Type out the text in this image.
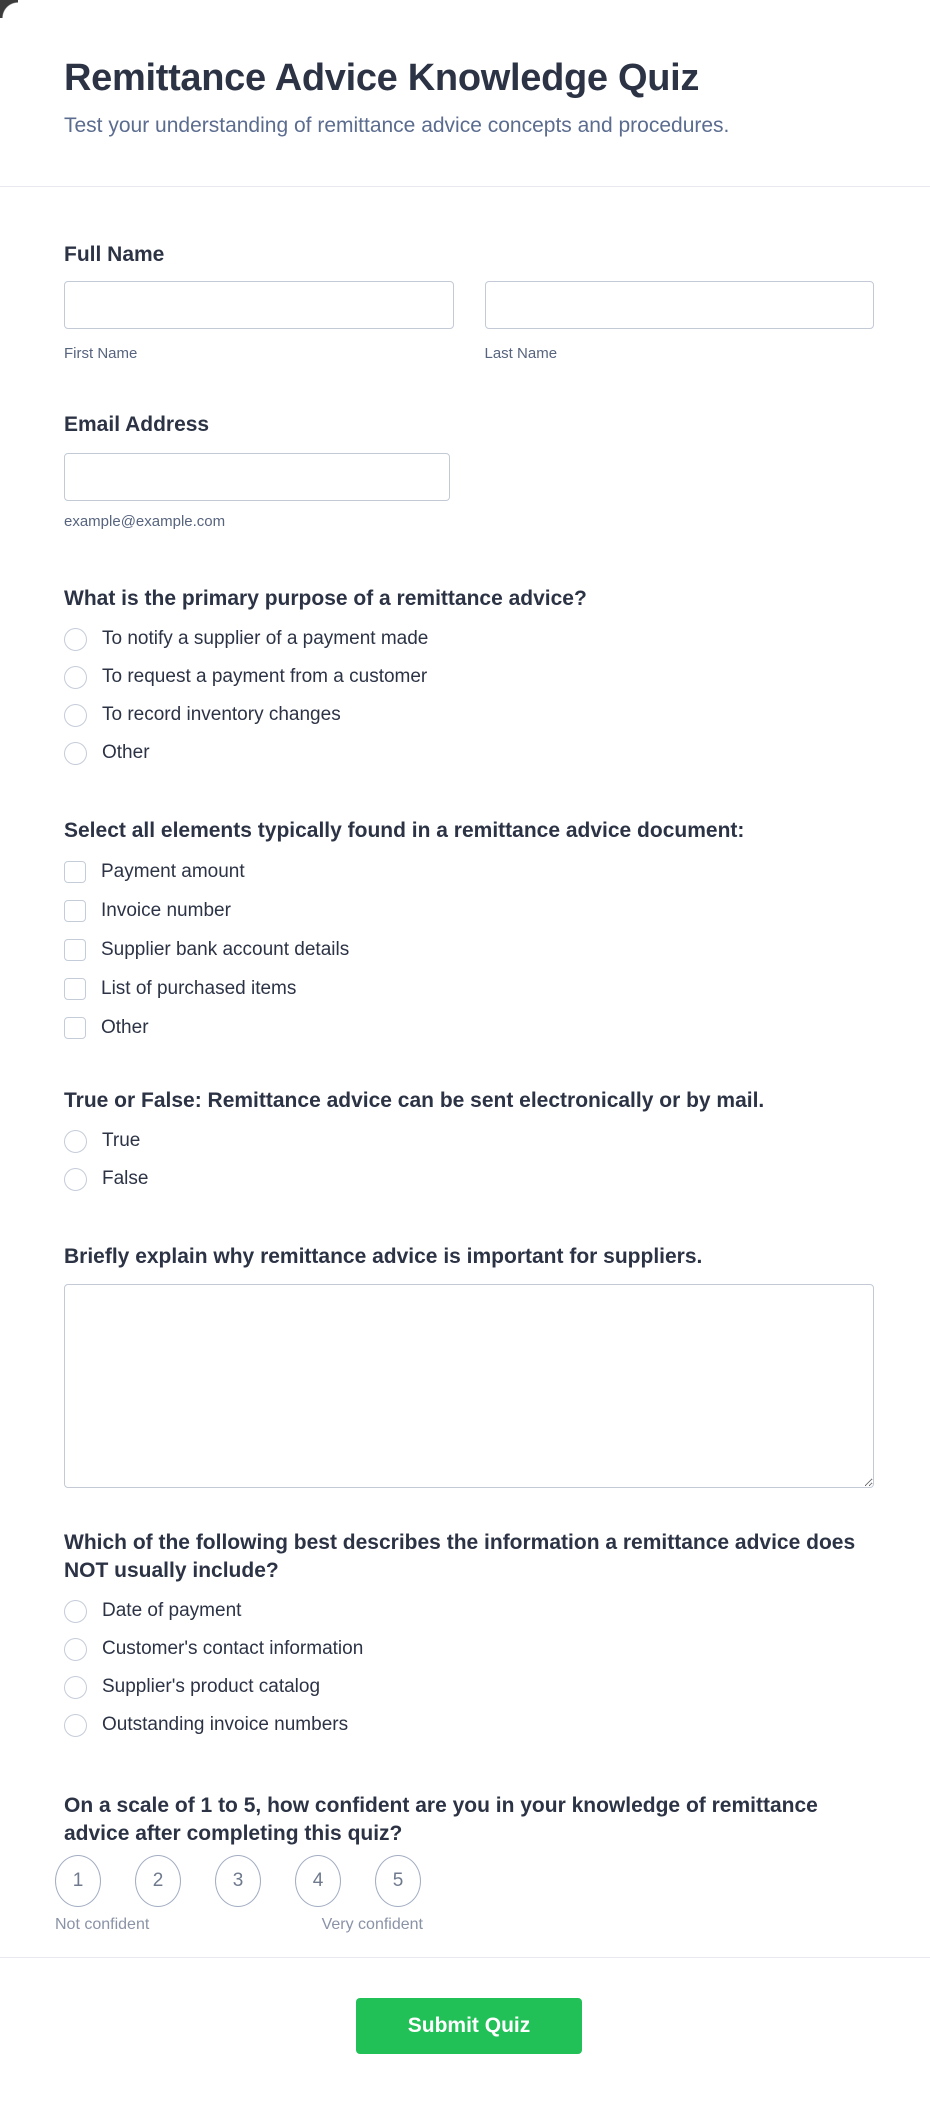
Remittance Advice Knowledge Quiz

Test your understanding of remittance advice concepts and procedures.

Full Name

First Name	Last Name

Email Address

example@example.com

What is the primary purpose of a remittance advice?

To notify a supplier of a payment made
To request a payment from a customer
To record inventory changes
Other

Select all elements typically found in a remittance advice document:

Payment amount
Invoice number
Supplier bank account details
List of purchased items
Other

True or False: Remittance advice can be sent electronically or by mail.

True
False

Briefly explain why remittance advice is important for suppliers.

Which of the following best describes the information a remittance advice does NOT usually include?

Date of payment
Customer's contact information
Supplier's product catalog
Outstanding invoice numbers

On a scale of 1 to 5, how confident are you in your knowledge of remittance advice after completing this quiz?

1	2	3	4	5
Not confident	Very confident
Submit Quiz
